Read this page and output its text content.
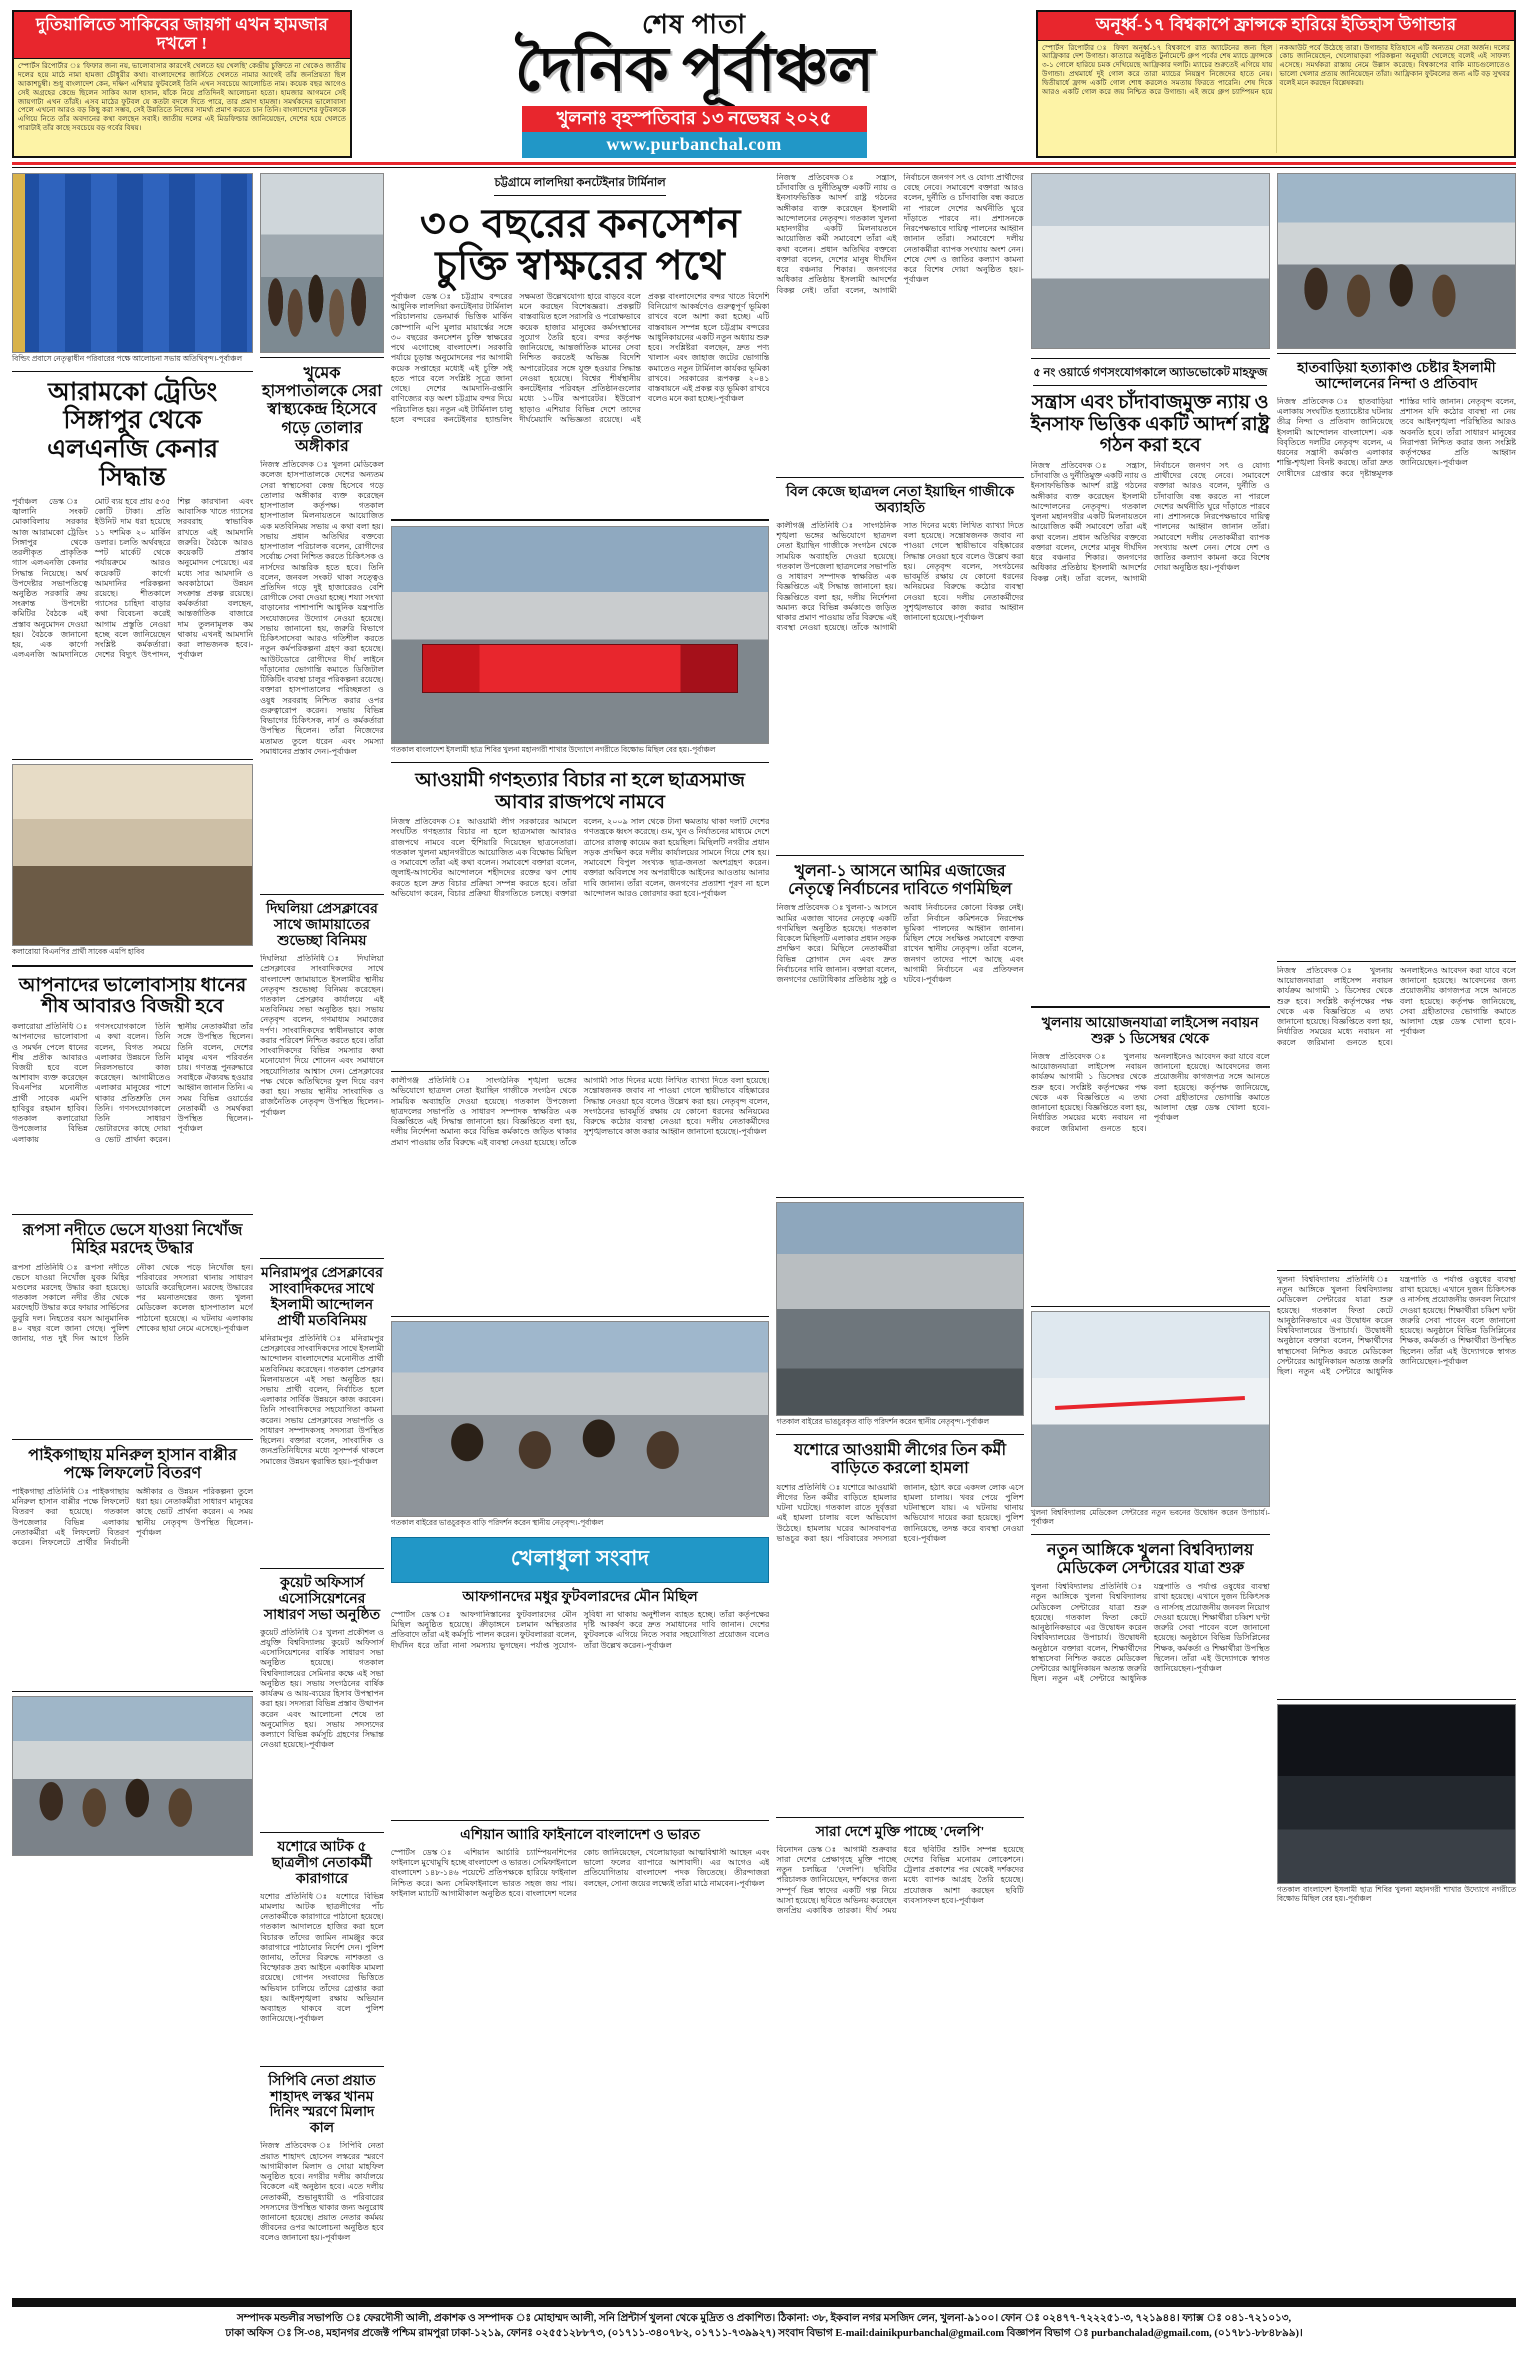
দুতিয়ালিতে সাকিবের জায়গা এখন হামজার দখলে !
স্পোর্টস রিপোর্টার ঃ 'ফিফার জন্য নয়, ভালোবাসার কারণেই খেলতে হয় খেলছি' কেন্দ্রীয় চুক্তিতে না থেকেও জাতীয় দলের হয়ে মাঠে নামা হামজা চৌধুরীর কথা। বাংলাদেশের জার্সিতে খেলতে নামার আগেই তাঁর জনপ্রিয়তা ছিল আকাশচুম্বী। শুধু বাংলাদেশ কেন, দক্ষিণ এশিয়ার ফুটবলেই তিনি এখন সবচেয়ে আলোচিত নাম। কয়েক বছর আগেও সেই অগ্রহের কেন্দ্রে ছিলেন সাকিব আল হাসান, যাঁকে নিয়ে প্রতিদিনই আলোচনা হতো। হামজার আগমনে সেই জায়গাটা এখন তাঁরই। এসব মাঠের ফুটবল যে কতটা বদলে দিতে পারে, তার প্রমাণ হামজা। সমর্থকদের ভালোবাসা পেলে এখনো আরও বড় কিছু করা সম্ভব, সেই উন্নতিতে নিজের সামর্থ্য প্রমাণ করতে চান তিনি। বাংলাদেশের ফুটবলকে এগিয়ে নিতে তাঁর অবদানের কথা বলছেন সবাই। জাতীয় দলের এই মিডফিল্ডার জানিয়েছেন, দেশের হয়ে খেলতে পারাটাই তাঁর কাছে সবচেয়ে বড় গর্বের বিষয়।
শেষ পাতা
দৈনিক পূর্বাঞ্চল
খুলনাঃ বৃহস্পতিবার ১৩ নভেম্বর ২০২৫
www.purbanchal.com
অনূর্ধ্ব-১৭ বিশ্বকাপে ফ্রান্সকে হারিয়ে ইতিহাস উগান্ডার
স্পোর্টস রিপোর্টার ঃ ফিফা অনূর্ধ্ব-১৭ বিশ্বকাপে রাত অ্যাটেনের জন্য ছিল আফ্রিকার দেশ উগান্ডা। কাতারে অনুষ্ঠিত টুর্নামেন্টে গ্রুপ পর্বের শেষ ম্যাচে ফ্রান্সকে ৩-১ গোলে হারিয়ে চমক দেখিয়েছে আফ্রিকার দলটি। ম্যাচের শুরুতেই এগিয়ে যায় উগান্ডা। প্রথমার্ধে দুই গোল করে তারা ম্যাচের নিয়ন্ত্রণ নিজেদের হাতে নেয়। দ্বিতীয়ার্ধে ফ্রান্স একটি গোল শোধ করলেও সমতায় ফিরতে পারেনি। শেষ দিকে আরও একটি গোল করে জয় নিশ্চিত করে উগান্ডা। এই জয়ে গ্রুপ চ্যাম্পিয়ন হয়ে নকআউট পর্বে উঠেছে তারা। উগান্ডার ইতিহাসে এটি অন্যতম সেরা অর্জন। দলের কোচ জানিয়েছেন, খেলোয়াড়রা পরিকল্পনা অনুযায়ী খেলেছে বলেই এই সাফল্য এসেছে। সমর্থকরা রাস্তায় নেমে উল্লাস করেছে। বিশ্বকাপের বাকি ম্যাচগুলোতেও ভালো খেলার প্রত্যয় জানিয়েছেন তাঁরা। আফ্রিকান ফুটবলের জন্য এটি বড় সুখবর বলেই মনে করছেন বিশ্লেষকরা।
বিল্ডিং প্রবাসে নেতৃত্বাধীন পরিবারের পক্ষে আলোচনা সভায় অতিথিবৃন্দ।-পূর্বাঞ্চল
আরামকো ট্রেডিং সিঙ্গাপুর থেকে এলএনজি কেনার সিদ্ধান্ত
পূর্বাঞ্চল ডেস্ক ঃ জ্বালানি সংকট মোকাবিলায় সরকার আজ আরামকো ট্রেডিং সিঙ্গাপুর থেকে তরলীকৃত প্রাকৃতিক গ্যাস এলএনজি কেনার সিদ্ধান্ত নিয়েছে। অর্থ উপদেষ্টার সভাপতিত্বে অনুষ্ঠিত সরকারি ক্রয় সংক্রান্ত উপদেষ্টা কমিটির বৈঠকে এই প্রস্তাব অনুমোদন দেওয়া হয়। বৈঠকে জানানো হয়, এক কার্গো এলএনজি আমদানিতে মোট ব্যয় হবে প্রায় ৫৩৫ কোটি টাকা। প্রতি ইউনিট দাম ধরা হয়েছে ১১ দশমিক ২০ মার্কিন ডলার। চলতি অর্থবছরে স্পট মার্কেট থেকে পর্যায়ক্রমে আরও কয়েকটি কার্গো আমদানির পরিকল্পনা রয়েছে। শীতকালে গ্যাসের চাহিদা বাড়ার কথা বিবেচনা করেই আগাম প্রস্তুতি নেওয়া হচ্ছে বলে জানিয়েছেন সংশ্লিষ্ট কর্মকর্তারা। দেশের বিদ্যুৎ উৎপাদন, শিল্প কারখানা এবং আবাসিক খাতে গ্যাসের সরবরাহ স্বাভাবিক রাখতে এই আমদানি জরুরি। বৈঠকে আরও কয়েকটি প্রস্তাব অনুমোদন পেয়েছে। এর মধ্যে সার আমদানি ও অবকাঠামো উন্নয়ন সংক্রান্ত প্রকল্প রয়েছে। কর্মকর্তারা বলছেন, আন্তর্জাতিক বাজারে দাম তুলনামূলক কম থাকায় এখনই আমদানি করা লাভজনক হবে।-পূর্বাঞ্চল
কলারোয়া বিএনপির প্রার্থী সাবেক এমপি হাবিব
আপনাদের ভালোবাসায় ধানের শীষ আবারও বিজয়ী হবে
কলারোয়া প্রতিনিধি ঃ আপনাদের ভালোবাসা ও সমর্থন পেলে ধানের শীষ প্রতীক আবারও বিজয়ী হবে বলে আশাবাদ ব্যক্ত করেছেন বিএনপির মনোনীত প্রার্থী সাবেক এমপি হাবিবুর রহমান হাবিব। গতকাল কলারোয়া উপজেলার বিভিন্ন এলাকায় গণসংযোগকালে তিনি এ কথা বলেন। তিনি বলেন, বিগত সময়ে এলাকার উন্নয়নে তিনি নিরলসভাবে কাজ করেছেন। আগামীতেও এলাকার মানুষের পাশে থাকার প্রতিশ্রুতি দেন তিনি। গণসংযোগকালে তিনি সাধারণ ভোটারদের কাছে দোয়া ও ভোট প্রার্থনা করেন। স্থানীয় নেতাকর্মীরা তাঁর সঙ্গে উপস্থিত ছিলেন। তিনি বলেন, দেশের মানুষ এখন পরিবর্তন চায়। গণতন্ত্র পুনরুদ্ধারে সবাইকে ঐক্যবদ্ধ হওয়ার আহ্বান জানান তিনি। এ সময় বিভিন্ন ওয়ার্ডের নেতাকর্মী ও সমর্থকরা উপস্থিত ছিলেন।-পূর্বাঞ্চল
রূপসা নদীতে ভেসে যাওয়া নিখোঁজ মিহির মরদেহ উদ্ধার
রূপসা প্রতিনিধি ঃ রূপসা নদীতে ভেসে যাওয়া নিখোঁজ যুবক মিহির মণ্ডলের মরদেহ উদ্ধার করা হয়েছে। গতকাল সকালে নদীর তীর থেকে মরদেহটি উদ্ধার করে ফায়ার সার্ভিসের ডুবুরি দল। নিহতের বয়স আনুমানিক ৪০ বছর বলে জানা গেছে। পুলিশ জানায়, গত দুই দিন আগে তিনি নৌকা থেকে পড়ে নিখোঁজ হন। পরিবারের সদস্যরা থানায় সাধারণ ডায়েরি করেছিলেন। মরদেহ উদ্ধারের পর ময়নাতদন্তের জন্য খুলনা মেডিকেল কলেজ হাসপাতাল মর্গে পাঠানো হয়েছে। এ ঘটনায় এলাকায় শোকের ছায়া নেমে এসেছে।-পূর্বাঞ্চল
পাইকগাছায় মনিরুল হাসান বাপ্পীর পক্ষে লিফলেট বিতরণ
পাইকগাছা প্রতিনিধি ঃ পাইকগাছায় মনিরুল হাসান বাপ্পীর পক্ষে লিফলেট বিতরণ করা হয়েছে। গতকাল উপজেলার বিভিন্ন এলাকায় নেতাকর্মীরা এই লিফলেট বিতরণ করেন। লিফলেটে প্রার্থীর নির্বাচনী অঙ্গীকার ও উন্নয়ন পরিকল্পনা তুলে ধরা হয়। নেতাকর্মীরা সাধারণ মানুষের কাছে ভোট প্রার্থনা করেন। এ সময় স্থানীয় নেতৃবৃন্দ উপস্থিত ছিলেন।-পূর্বাঞ্চল
খুমেক হাসপাতালকে সেরা স্বাস্থ্যকেন্দ্র হিসেবে গড়ে তোলার অঙ্গীকার
নিজস্ব প্রতিবেদক ঃ খুলনা মেডিকেল কলেজ হাসপাতালকে দেশের অন্যতম সেরা স্বাস্থ্যসেবা কেন্দ্র হিসেবে গড়ে তোলার অঙ্গীকার ব্যক্ত করেছেন হাসপাতাল কর্তৃপক্ষ। গতকাল হাসপাতাল মিলনায়তনে আয়োজিত এক মতবিনিময় সভায় এ কথা বলা হয়। সভায় প্রধান অতিথির বক্তব্যে হাসপাতাল পরিচালক বলেন, রোগীদের সর্বোচ্চ সেবা নিশ্চিত করতে চিকিৎসক ও নার্সদের আন্তরিক হতে হবে। তিনি বলেন, জনবল সংকট থাকা সত্ত্বেও প্রতিদিন গড়ে দুই হাজারেরও বেশি রোগীকে সেবা দেওয়া হচ্ছে। শয্যা সংখ্যা বাড়ানোর পাশাপাশি আধুনিক যন্ত্রপাতি সংযোজনের উদ্যোগ নেওয়া হয়েছে। সভায় জানানো হয়, জরুরি বিভাগে চিকিৎসাসেবা আরও গতিশীল করতে নতুন কর্মপরিকল্পনা গ্রহণ করা হয়েছে। আউটডোরে রোগীদের দীর্ঘ লাইনে দাঁড়ানোর ভোগান্তি কমাতে ডিজিটাল টিকিটিং ব্যবস্থা চালুর পরিকল্পনা রয়েছে। বক্তারা হাসপাতালের পরিচ্ছন্নতা ও ওষুধ সরবরাহ নিশ্চিত করার ওপর গুরুত্বারোপ করেন। সভায় বিভিন্ন বিভাগের চিকিৎসক, নার্স ও কর্মকর্তারা উপস্থিত ছিলেন। তাঁরা নিজেদের মতামত তুলে ধরেন এবং সমস্যা সমাধানের প্রস্তাব দেন।-পূর্বাঞ্চল
দিঘলিয়া প্রেসক্লাবের সাথে জামায়াতের শুভেচ্ছা বিনিময়
দিঘলিয়া প্রতিনিধি ঃ দিঘলিয়া প্রেসক্লাবের সাংবাদিকদের সাথে বাংলাদেশ জামায়াতে ইসলামীর স্থানীয় নেতৃবৃন্দ শুভেচ্ছা বিনিময় করেছেন। গতকাল প্রেসক্লাব কার্যালয়ে এই মতবিনিময় সভা অনুষ্ঠিত হয়। সভায় নেতৃবৃন্দ বলেন, গণমাধ্যম সমাজের দর্পণ। সাংবাদিকদের স্বাধীনভাবে কাজ করার পরিবেশ নিশ্চিত করতে হবে। তাঁরা সাংবাদিকদের বিভিন্ন সমস্যার কথা মনোযোগ দিয়ে শোনেন এবং সমাধানে সহযোগিতার আশ্বাস দেন। প্রেসক্লাবের পক্ষ থেকে অতিথিদের ফুল দিয়ে বরণ করা হয়। সভায় স্থানীয় সাংবাদিক ও রাজনৈতিক নেতৃবৃন্দ উপস্থিত ছিলেন।-পূর্বাঞ্চল
মনিরামপুর প্রেসক্লাবের সাংবাদিকদের সাথে ইসলামী আন্দোলন প্রার্থী মতবিনিময়
মনিরামপুর প্রতিনিধি ঃ মনিরামপুর প্রেসক্লাবের সাংবাদিকদের সাথে ইসলামী আন্দোলন বাংলাদেশের মনোনীত প্রার্থী মতবিনিময় করেছেন। গতকাল প্রেসক্লাব মিলনায়তনে এই সভা অনুষ্ঠিত হয়। সভায় প্রার্থী বলেন, নির্বাচিত হলে এলাকার সার্বিক উন্নয়নে কাজ করবেন। তিনি সাংবাদিকদের সহযোগিতা কামনা করেন। সভায় প্রেসক্লাবের সভাপতি ও সাধারণ সম্পাদকসহ সদস্যরা উপস্থিত ছিলেন। বক্তারা বলেন, সাংবাদিক ও জনপ্রতিনিধিদের মধ্যে সুসম্পর্ক থাকলে সমাজের উন্নয়ন ত্বরান্বিত হয়।-পূর্বাঞ্চল
কুয়েট অফিসার্স এসোসিয়েশনের সাধারণ সভা অনুষ্ঠিত
কুয়েট প্রতিনিধি ঃ খুলনা প্রকৌশল ও প্রযুক্তি বিশ্ববিদ্যালয় কুয়েট অফিসার্স এসোসিয়েশনের বার্ষিক সাধারণ সভা অনুষ্ঠিত হয়েছে। গতকাল বিশ্ববিদ্যালয়ের সেমিনার কক্ষে এই সভা অনুষ্ঠিত হয়। সভায় সংগঠনের বার্ষিক কার্যক্রম ও আয়-ব্যয়ের হিসাব উপস্থাপন করা হয়। সদস্যরা বিভিন্ন প্রস্তাব উত্থাপন করেন এবং আলোচনা শেষে তা অনুমোদিত হয়। সভায় সদস্যদের কল্যাণে বিভিন্ন কর্মসূচি গ্রহণের সিদ্ধান্ত নেওয়া হয়েছে।-পূর্বাঞ্চল
যশোরে আটক ৫ ছাত্রলীগ নেতাকর্মী কারাগারে
যশোর প্রতিনিধি ঃ যশোরে বিভিন্ন মামলায় আটক ছাত্রলীগের পাঁচ নেতাকর্মীকে কারাগারে পাঠানো হয়েছে। গতকাল আদালতে হাজির করা হলে বিচারক তাঁদের জামিন নামঞ্জুর করে কারাগারে পাঠানোর নির্দেশ দেন। পুলিশ জানায়, তাঁদের বিরুদ্ধে নাশকতা ও বিস্ফোরক দ্রব্য আইনে একাধিক মামলা রয়েছে। গোপন সংবাদের ভিত্তিতে অভিযান চালিয়ে তাঁদের গ্রেপ্তার করা হয়। আইনশৃঙ্খলা রক্ষায় অভিযান অব্যাহত থাকবে বলে পুলিশ জানিয়েছে।-পূর্বাঞ্চল
সিপিবি নেতা প্রয়াত শাহাদৎ লস্কর খানম দিনিং স্মরণে মিলাদ কাল
নিজস্ব প্রতিবেদক ঃ সিপিবি নেতা প্রয়াত শাহাদৎ হোসেন লস্করের স্মরণে আগামীকাল মিলাদ ও দোয়া মাহফিল অনুষ্ঠিত হবে। নগরীর দলীয় কার্যালয়ে বিকেলে এই অনুষ্ঠান হবে। এতে দলীয় নেতাকর্মী, শুভানুধ্যায়ী ও পরিবারের সদস্যদের উপস্থিত থাকার জন্য অনুরোধ জানানো হয়েছে। প্রয়াত নেতার কর্মময় জীবনের ওপর আলোচনা অনুষ্ঠিত হবে বলেও জানানো হয়।-পূর্বাঞ্চল
চট্টগ্রামে লালদিয়া কনটেইনার টার্মিনাল
৩০ বছরের কনসেশন
চুক্তি স্বাক্ষরের পথে
পূর্বাঞ্চল ডেস্ক ঃ চট্টগ্রাম বন্দরের আধুনিক লালদিয়া কনটেইনার টার্মিনাল পরিচালনায় ডেনমার্ক ভিত্তিক মার্কিন কোম্পানি এপি মুলার মায়ার্স্কের সঙ্গে ৩০ বছরের কনসেশন চুক্তি স্বাক্ষরের পথে এগোচ্ছে বাংলাদেশ। সরকারি পর্যায়ে চূড়ান্ত অনুমোদনের পর আগামী কয়েক সপ্তাহের মধ্যেই এই চুক্তি সই হতে পারে বলে সংশ্লিষ্ট সূত্রে জানা গেছে। দেশের আমদানি-রপ্তানি বাণিজ্যের বড় অংশ চট্টগ্রাম বন্দর দিয়ে পরিচালিত হয়। নতুন এই টার্মিনাল চালু হলে বন্দরের কনটেইনার হ্যান্ডলিং সক্ষমতা উল্লেখযোগ্য হারে বাড়বে বলে মনে করছেন বিশেষজ্ঞরা। প্রকল্পটি বাস্তবায়িত হলে সরাসরি ও পরোক্ষভাবে কয়েক হাজার মানুষের কর্মসংস্থানের সুযোগ তৈরি হবে। বন্দর কর্তৃপক্ষ জানিয়েছে, আন্তর্জাতিক মানের সেবা নিশ্চিত করতেই অভিজ্ঞ বিদেশি অপারেটরের সঙ্গে যুক্ত হওয়ার সিদ্ধান্ত নেওয়া হয়েছে। বিশ্বের শীর্ষস্থানীয় কনটেইনার পরিবহন প্রতিষ্ঠানগুলোর মধ্যে ১০টির অপারেটর। ইউরোপ ছাড়াও এশিয়ার বিভিন্ন দেশে তাদের দীর্ঘমেয়াদি অভিজ্ঞতা রয়েছে। এই প্রকল্প বাংলাদেশের বন্দর খাতে বিদেশি বিনিয়োগ আকর্ষণেও গুরুত্বপূর্ণ ভূমিকা রাখবে বলে আশা করা হচ্ছে। এটি বাস্তবায়ন সম্পন্ন হলে চট্টগ্রাম বন্দরের আধুনিকায়নের একটি নতুন অধ্যায় শুরু হবে। সংশ্লিষ্টরা বলছেন, দ্রুত পণ্য খালাস এবং জাহাজ জটের ভোগান্তি কমাতেও নতুন টার্মিনাল কার্যকর ভূমিকা রাখবে। সরকারের রূপকল্প ২০৪১ বাস্তবায়নে এই প্রকল্প বড় ভূমিকা রাখবে বলেও মনে করা হচ্ছে।-পূর্বাঞ্চল
গতকাল বাংলাদেশ ইসলামী ছাত্র শিবির খুলনা মহানগরী শাখার উদ্যোগে নগরীতে বিক্ষোভ মিছিল বের হয়।-পূর্বাঞ্চল
আওয়ামী গণহত্যার বিচার না হলে ছাত্রসমাজ আবার রাজপথে নামবে
নিজস্ব প্রতিবেদক ঃ আওয়ামী লীগ সরকারের আমলে সংঘটিত গণহত্যার বিচার না হলে ছাত্রসমাজ আবারও রাজপথে নামবে বলে হুঁশিয়ারি দিয়েছেন ছাত্রনেতারা। গতকাল খুলনা মহানগরীতে আয়োজিত এক বিক্ষোভ মিছিল ও সমাবেশে তাঁরা এই কথা বলেন। সমাবেশে বক্তারা বলেন, জুলাই-আগস্টের আন্দোলনে শহীদদের রক্তের ঋণ শোধ করতে হলে দ্রুত বিচার প্রক্রিয়া সম্পন্ন করতে হবে। তাঁরা অভিযোগ করেন, বিচার প্রক্রিয়া ধীরগতিতে চলছে। বক্তারা বলেন, ২০০৯ সাল থেকে টানা ক্ষমতায় থাকা দলটি দেশের গণতন্ত্রকে ধ্বংস করেছে। গুম, খুন ও নির্যাতনের মাধ্যমে দেশে ত্রাসের রাজত্ব কায়েম করা হয়েছিল। মিছিলটি নগরীর প্রধান সড়ক প্রদক্ষিণ করে দলীয় কার্যালয়ের সামনে গিয়ে শেষ হয়। সমাবেশে বিপুল সংখ্যক ছাত্র-জনতা অংশগ্রহণ করেন। বক্তারা অবিলম্বে সব অপরাধীকে আইনের আওতায় আনার দাবি জানান। তাঁরা বলেন, জনগণের প্রত্যাশা পূরণ না হলে আন্দোলন আরও জোরদার করা হবে।-পূর্বাঞ্চল
কালীগঞ্জ প্রতিনিধি ঃ সাংগঠনিক শৃঙ্খলা ভঙ্গের অভিযোগে ছাত্রদল নেতা ইয়াছিন গাজীকে সংগঠন থেকে সাময়িক অব্যাহতি দেওয়া হয়েছে। গতকাল উপজেলা ছাত্রদলের সভাপতি ও সাধারণ সম্পাদক স্বাক্ষরিত এক বিজ্ঞপ্তিতে এই সিদ্ধান্ত জানানো হয়। বিজ্ঞপ্তিতে বলা হয়, দলীয় নির্দেশনা অমান্য করে বিভিন্ন কর্মকাণ্ডে জড়িত থাকার প্রমাণ পাওয়ায় তাঁর বিরুদ্ধে এই ব্যবস্থা নেওয়া হয়েছে। তাঁকে আগামী সাত দিনের মধ্যে লিখিত ব্যাখ্যা দিতে বলা হয়েছে। সন্তোষজনক জবাব না পাওয়া গেলে স্থায়ীভাবে বহিষ্কারের সিদ্ধান্ত নেওয়া হবে বলেও উল্লেখ করা হয়। নেতৃবৃন্দ বলেন, সংগঠনের ভাবমূর্তি রক্ষায় যে কোনো ধরনের অনিয়মের বিরুদ্ধে কঠোর ব্যবস্থা নেওয়া হবে। দলীয় নেতাকর্মীদের সুশৃঙ্খলভাবে কাজ করার আহ্বান জানানো হয়েছে।-পূর্বাঞ্চল
গতকাল বাইরের ভাঙচুরকৃত বাড়ি পরিদর্শন করেন স্থানীয় নেতৃবৃন্দ।-পূর্বাঞ্চল
খেলাধুলা সংবাদ
আফগানদের মধুর ফুটবলারদের মৌন মিছিল
স্পোর্টস ডেস্ক ঃ আফগানিস্তানের ফুটবলারদের মৌন মিছিল অনুষ্ঠিত হয়েছে। ক্রীড়াঙ্গনে চলমান অস্থিরতার প্রতিবাদে তাঁরা এই কর্মসূচি পালন করেন। ফুটবলাররা বলেন, দীর্ঘদিন ধরে তাঁরা নানা সমস্যায় ভুগছেন। পর্যাপ্ত সুযোগ-সুবিধা না থাকায় অনুশীলন ব্যাহত হচ্ছে। তাঁরা কর্তৃপক্ষের দৃষ্টি আকর্ষণ করে দ্রুত সমাধানের দাবি জানান। দেশের ফুটবলকে এগিয়ে নিতে সবার সহযোগিতা প্রয়োজন বলেও তাঁরা উল্লেখ করেন।-পূর্বাঞ্চল
এশিয়ান আারি ফাইনালে বাংলাদেশ ও ভারত
স্পোর্টস ডেস্ক ঃ এশিয়ান আর্চারি চ্যাম্পিয়নশিপের ফাইনালে মুখোমুখি হচ্ছে বাংলাদেশ ও ভারত। সেমিফাইনালে বাংলাদেশ ১৪৮-১৪৬ পয়েন্টে প্রতিপক্ষকে হারিয়ে ফাইনাল নিশ্চিত করে। অন্য সেমিফাইনালে ভারত সহজ জয় পায়। ফাইনাল ম্যাচটি আগামীকাল অনুষ্ঠিত হবে। বাংলাদেশ দলের কোচ জানিয়েছেন, খেলোয়াড়রা আত্মবিশ্বাসী আছেন এবং ভালো ফলের ব্যাপারে আশাবাদী। এর আগেও এই প্রতিযোগিতায় বাংলাদেশ পদক জিতেছে। তীরন্দাজরা বলছেন, সোনা জয়ের লক্ষ্যেই তাঁরা মাঠে নামবেন।-পূর্বাঞ্চল
নিজস্ব প্রতিবেদক ঃ সন্ত্রাস, চাঁদাবাজি ও দুর্নীতিমুক্ত একটি ন্যায় ও ইনসাফভিত্তিক আদর্শ রাষ্ট্র গঠনের অঙ্গীকার ব্যক্ত করেছেন ইসলামী আন্দোলনের নেতৃবৃন্দ। গতকাল খুলনা মহানগরীর একটি মিলনায়তনে আয়োজিত কর্মী সমাবেশে তাঁরা এই কথা বলেন। প্রধান অতিথির বক্তব্যে বক্তারা বলেন, দেশের মানুষ দীর্ঘদিন ধরে বঞ্চনার শিকার। জনগণের অধিকার প্রতিষ্ঠায় ইসলামী আদর্শের বিকল্প নেই। তাঁরা বলেন, আগামী নির্বাচনে জনগণ সৎ ও যোগ্য প্রার্থীদের বেছে নেবে। সমাবেশে বক্তারা আরও বলেন, দুর্নীতি ও চাঁদাবাজি বন্ধ করতে না পারলে দেশের অর্থনীতি ঘুরে দাঁড়াতে পারবে না। প্রশাসনকে নিরপেক্ষভাবে দায়িত্ব পালনের আহ্বান জানান তাঁরা। সমাবেশে দলীয় নেতাকর্মীরা ব্যাপক সংখ্যায় অংশ নেন। শেষে দেশ ও জাতির কল্যাণ কামনা করে বিশেষ দোয়া অনুষ্ঠিত হয়।-পূর্বাঞ্চল
বিল কেজে ছাত্রদল নেতা ইয়াছিন গাজীকে অব্যাহতি
কালীগঞ্জ প্রতিনিধি ঃ সাংগঠনিক শৃঙ্খলা ভঙ্গের অভিযোগে ছাত্রদল নেতা ইয়াছিন গাজীকে সংগঠন থেকে সাময়িক অব্যাহতি দেওয়া হয়েছে। গতকাল উপজেলা ছাত্রদলের সভাপতি ও সাধারণ সম্পাদক স্বাক্ষরিত এক বিজ্ঞপ্তিতে এই সিদ্ধান্ত জানানো হয়। বিজ্ঞপ্তিতে বলা হয়, দলীয় নির্দেশনা অমান্য করে বিভিন্ন কর্মকাণ্ডে জড়িত থাকার প্রমাণ পাওয়ায় তাঁর বিরুদ্ধে এই ব্যবস্থা নেওয়া হয়েছে। তাঁকে আগামী সাত দিনের মধ্যে লিখিত ব্যাখ্যা দিতে বলা হয়েছে। সন্তোষজনক জবাব না পাওয়া গেলে স্থায়ীভাবে বহিষ্কারের সিদ্ধান্ত নেওয়া হবে বলেও উল্লেখ করা হয়। নেতৃবৃন্দ বলেন, সংগঠনের ভাবমূর্তি রক্ষায় যে কোনো ধরনের অনিয়মের বিরুদ্ধে কঠোর ব্যবস্থা নেওয়া হবে। দলীয় নেতাকর্মীদের সুশৃঙ্খলভাবে কাজ করার আহ্বান জানানো হয়েছে।-পূর্বাঞ্চল
খুলনা-১ আসনে আমির এজাজের নেতৃত্বে নির্বাচনের দাবিতে গণমিছিল
নিজস্ব প্রতিবেদক ঃ খুলনা-১ আসনে আমির এজাজ খানের নেতৃত্বে একটি গণমিছিল অনুষ্ঠিত হয়েছে। গতকাল বিকেলে মিছিলটি এলাকার প্রধান সড়ক প্রদক্ষিণ করে। মিছিলে নেতাকর্মীরা বিভিন্ন স্লোগান দেন এবং দ্রুত নির্বাচনের দাবি জানান। বক্তারা বলেন, জনগণের ভোটাধিকার প্রতিষ্ঠায় সুষ্ঠু ও অবাধ নির্বাচনের কোনো বিকল্প নেই। তাঁরা নির্বাচন কমিশনকে নিরপেক্ষ ভূমিকা পালনের আহ্বান জানান। মিছিল শেষে সংক্ষিপ্ত সমাবেশে বক্তব্য রাখেন স্থানীয় নেতৃবৃন্দ। তাঁরা বলেন, জনগণ তাদের পাশে আছে এবং আগামী নির্বাচনে এর প্রতিফলন ঘটবে।-পূর্বাঞ্চল
গতকাল বাইরের ভাঙচুরকৃত বাড়ি পরিদর্শন করেন স্থানীয় নেতৃবৃন্দ।-পূর্বাঞ্চল
যশোরে আওয়ামী লীগের তিন কর্মী বাড়িতে করলো হামলা
যশোর প্রতিনিধি ঃ যশোরে আওয়ামী লীগের তিন কর্মীর বাড়িতে হামলার ঘটনা ঘটেছে। গতকাল রাতে দুর্বৃত্তরা এই হামলা চালায় বলে অভিযোগ উঠেছে। হামলায় ঘরের আসবাবপত্র ভাঙচুর করা হয়। পরিবারের সদস্যরা জানান, হঠাৎ করে একদল লোক এসে হামলা চালায়। খবর পেয়ে পুলিশ ঘটনাস্থলে যায়। এ ঘটনায় থানায় অভিযোগ দায়ের করা হয়েছে। পুলিশ জানিয়েছে, তদন্ত করে ব্যবস্থা নেওয়া হবে।-পূর্বাঞ্চল
সারা দেশে মুক্তি পাচ্ছে 'দেলপি'
বিনোদন ডেস্ক ঃ আগামী শুক্রবার সারা দেশের প্রেক্ষাগৃহে মুক্তি পাচ্ছে নতুন চলচ্চিত্র 'দেলপি'। ছবিটির পরিচালক জানিয়েছেন, দর্শকদের জন্য সম্পূর্ণ ভিন্ন স্বাদের একটি গল্প নিয়ে আসা হয়েছে। ছবিতে অভিনয় করেছেন জনপ্রিয় একাধিক তারকা। দীর্ঘ সময় ধরে ছবিটির শুটিং সম্পন্ন হয়েছে দেশের বিভিন্ন মনোরম লোকেশনে। ট্রেলার প্রকাশের পর থেকেই দর্শকদের মধ্যে ব্যাপক আগ্রহ তৈরি হয়েছে। প্রযোজক আশা করছেন ছবিটি ব্যবসাসফল হবে।-পূর্বাঞ্চল
৫ নং ওয়ার্ডে গণসংযোগকালে অ্যাডভোকেট মাহফুজ
সন্ত্রাস এবং চাঁদাবাজমুক্ত ন্যায় ও ইনসাফ ভিত্তিক একটি আদর্শ রাষ্ট্র গঠন করা হবে
নিজস্ব প্রতিবেদক ঃ সন্ত্রাস, চাঁদাবাজি ও দুর্নীতিমুক্ত একটি ন্যায় ও ইনসাফভিত্তিক আদর্শ রাষ্ট্র গঠনের অঙ্গীকার ব্যক্ত করেছেন ইসলামী আন্দোলনের নেতৃবৃন্দ। গতকাল খুলনা মহানগরীর একটি মিলনায়তনে আয়োজিত কর্মী সমাবেশে তাঁরা এই কথা বলেন। প্রধান অতিথির বক্তব্যে বক্তারা বলেন, দেশের মানুষ দীর্ঘদিন ধরে বঞ্চনার শিকার। জনগণের অধিকার প্রতিষ্ঠায় ইসলামী আদর্শের বিকল্প নেই। তাঁরা বলেন, আগামী নির্বাচনে জনগণ সৎ ও যোগ্য প্রার্থীদের বেছে নেবে। সমাবেশে বক্তারা আরও বলেন, দুর্নীতি ও চাঁদাবাজি বন্ধ করতে না পারলে দেশের অর্থনীতি ঘুরে দাঁড়াতে পারবে না। প্রশাসনকে নিরপেক্ষভাবে দায়িত্ব পালনের আহ্বান জানান তাঁরা। সমাবেশে দলীয় নেতাকর্মীরা ব্যাপক সংখ্যায় অংশ নেন। শেষে দেশ ও জাতির কল্যাণ কামনা করে বিশেষ দোয়া অনুষ্ঠিত হয়।-পূর্বাঞ্চল
খুলনায় আয়োজনযাত্রা লাইসেন্স নবায়ন শুরু ১ ডিসেম্বর থেকে
নিজস্ব প্রতিবেদক ঃ খুলনায় আয়োজনযাত্রা লাইসেন্স নবায়ন কার্যক্রম আগামী ১ ডিসেম্বর থেকে শুরু হবে। সংশ্লিষ্ট কর্তৃপক্ষের পক্ষ থেকে এক বিজ্ঞপ্তিতে এ তথ্য জানানো হয়েছে। বিজ্ঞপ্তিতে বলা হয়, নির্ধারিত সময়ের মধ্যে নবায়ন না করলে জরিমানা গুনতে হবে। অনলাইনেও আবেদন করা যাবে বলে জানানো হয়েছে। আবেদনের জন্য প্রয়োজনীয় কাগজপত্র সঙ্গে আনতে বলা হয়েছে। কর্তৃপক্ষ জানিয়েছে, সেবা গ্রহীতাদের ভোগান্তি কমাতে আলাদা হেল্প ডেস্ক খোলা হবে।-পূর্বাঞ্চল
খুলনা বিশ্ববিদ্যালয় মেডিকেল সেন্টারের নতুন ভবনের উদ্বোধন করেন উপাচার্য।-পূর্বাঞ্চল
নতুন আঙ্গিকে খুলনা বিশ্ববিদ্যালয় মেডিকেল সেন্টারের যাত্রা শুরু
খুলনা বিশ্ববিদ্যালয় প্রতিনিধি ঃ নতুন আঙ্গিকে খুলনা বিশ্ববিদ্যালয় মেডিকেল সেন্টারের যাত্রা শুরু হয়েছে। গতকাল ফিতা কেটে আনুষ্ঠানিকভাবে এর উদ্বোধন করেন বিশ্ববিদ্যালয়ের উপাচার্য। উদ্বোধনী অনুষ্ঠানে বক্তারা বলেন, শিক্ষার্থীদের স্বাস্থ্যসেবা নিশ্চিত করতে মেডিকেল সেন্টারের আধুনিকায়ন অত্যন্ত জরুরি ছিল। নতুন এই সেন্টারে আধুনিক যন্ত্রপাতি ও পর্যাপ্ত ওষুধের ব্যবস্থা রাখা হয়েছে। এখানে দুজন চিকিৎসক ও নার্সসহ প্রয়োজনীয় জনবল নিয়োগ দেওয়া হয়েছে। শিক্ষার্থীরা চব্বিশ ঘণ্টা জরুরি সেবা পাবেন বলে জানানো হয়েছে। অনুষ্ঠানে বিভিন্ন ডিসিপ্লিনের শিক্ষক, কর্মকর্তা ও শিক্ষার্থীরা উপস্থিত ছিলেন। তাঁরা এই উদ্যোগকে স্বাগত জানিয়েছেন।-পূর্বাঞ্চল
হাতবাড়িয়া হত্যাকাণ্ড চেষ্টার ইসলামী আন্দোলনের নিন্দা ও প্রতিবাদ
নিজস্ব প্রতিবেদক ঃ হাতবাড়িয়া এলাকায় সংঘটিত হত্যাচেষ্টার ঘটনায় তীব্র নিন্দা ও প্রতিবাদ জানিয়েছে ইসলামী আন্দোলন বাংলাদেশ। এক বিবৃতিতে দলটির নেতৃবৃন্দ বলেন, এ ধরনের সন্ত্রাসী কর্মকাণ্ড এলাকার শান্তি-শৃঙ্খলা বিনষ্ট করছে। তাঁরা দ্রুত দোষীদের গ্রেপ্তার করে দৃষ্টান্তমূলক শাস্তির দাবি জানান। নেতৃবৃন্দ বলেন, প্রশাসন যদি কঠোর ব্যবস্থা না নেয় তবে আইনশৃঙ্খলা পরিস্থিতির আরও অবনতি হবে। তাঁরা সাধারণ মানুষের নিরাপত্তা নিশ্চিত করার জন্য সংশ্লিষ্ট কর্তৃপক্ষের প্রতি আহ্বান জানিয়েছেন।-পূর্বাঞ্চল
নিজস্ব প্রতিবেদক ঃ খুলনায় আয়োজনযাত্রা লাইসেন্স নবায়ন কার্যক্রম আগামী ১ ডিসেম্বর থেকে শুরু হবে। সংশ্লিষ্ট কর্তৃপক্ষের পক্ষ থেকে এক বিজ্ঞপ্তিতে এ তথ্য জানানো হয়েছে। বিজ্ঞপ্তিতে বলা হয়, নির্ধারিত সময়ের মধ্যে নবায়ন না করলে জরিমানা গুনতে হবে। অনলাইনেও আবেদন করা যাবে বলে জানানো হয়েছে। আবেদনের জন্য প্রয়োজনীয় কাগজপত্র সঙ্গে আনতে বলা হয়েছে। কর্তৃপক্ষ জানিয়েছে, সেবা গ্রহীতাদের ভোগান্তি কমাতে আলাদা হেল্প ডেস্ক খোলা হবে।-পূর্বাঞ্চল
খুলনা বিশ্ববিদ্যালয় প্রতিনিধি ঃ নতুন আঙ্গিকে খুলনা বিশ্ববিদ্যালয় মেডিকেল সেন্টারের যাত্রা শুরু হয়েছে। গতকাল ফিতা কেটে আনুষ্ঠানিকভাবে এর উদ্বোধন করেন বিশ্ববিদ্যালয়ের উপাচার্য। উদ্বোধনী অনুষ্ঠানে বক্তারা বলেন, শিক্ষার্থীদের স্বাস্থ্যসেবা নিশ্চিত করতে মেডিকেল সেন্টারের আধুনিকায়ন অত্যন্ত জরুরি ছিল। নতুন এই সেন্টারে আধুনিক যন্ত্রপাতি ও পর্যাপ্ত ওষুধের ব্যবস্থা রাখা হয়েছে। এখানে দুজন চিকিৎসক ও নার্সসহ প্রয়োজনীয় জনবল নিয়োগ দেওয়া হয়েছে। শিক্ষার্থীরা চব্বিশ ঘণ্টা জরুরি সেবা পাবেন বলে জানানো হয়েছে। অনুষ্ঠানে বিভিন্ন ডিসিপ্লিনের শিক্ষক, কর্মকর্তা ও শিক্ষার্থীরা উপস্থিত ছিলেন। তাঁরা এই উদ্যোগকে স্বাগত জানিয়েছেন।-পূর্বাঞ্চল
গতকাল বাংলাদেশ ইসলামী ছাত্র শিবির খুলনা মহানগরী শাখার উদ্যোগে নগরীতে বিক্ষোভ মিছিল বের হয়।-পূর্বাঞ্চল
সম্পাদক মন্ডলীর সভাপতি ঃ ফেরদৌসী আলী, প্রকাশক ও সম্পাদক ঃ মোহাম্মদ আলী, সনি প্রিন্টার্স খুলনা থেকে মুদ্রিত ও প্রকাশিত। ঠিকানা: ৩৮, ইকবাল নগর মসজিদ লেন, খুলনা-৯১০০। ফোন ঃ ০২৪৭৭-৭২২২৫১-৩, ৭২১৯৪৪। ফ্যাক্স ঃ ০৪১-৭২১০১৩,
ঢাকা অফিস ঃ সি-৩৪, মহানগর প্রজেক্ট পশ্চিম রামপুরা ঢাকা-১২১৯, ফোনঃ ০২৫৫১২৮৮৭৩, (০১৭১১-৩৪০৭৮২, ০১৭১১-৭৩৯৯২৭) সংবাদ বিভাগ E-mail:dainikpurbanchal@gmail.com বিজ্ঞাপন বিভাগ ঃ purbanchalad@gmail.com, (০১৭৮১-৮৮৪৮৯৯)।
